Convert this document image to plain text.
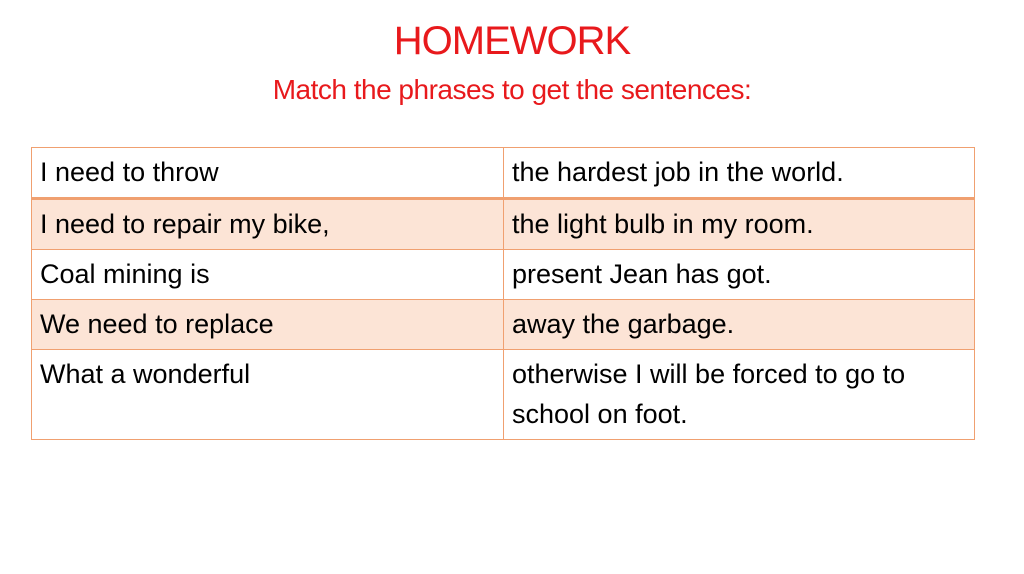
HOMEWORK
Match the phrases to get the sentences:
I need to throw	the hardest job in the world.
I need to repair my bike,	the light bulb in my room.
Coal mining is	present Jean has got.
We need to replace	away the garbage.
What a wonderful	otherwise I will be forced to go to school on foot.
